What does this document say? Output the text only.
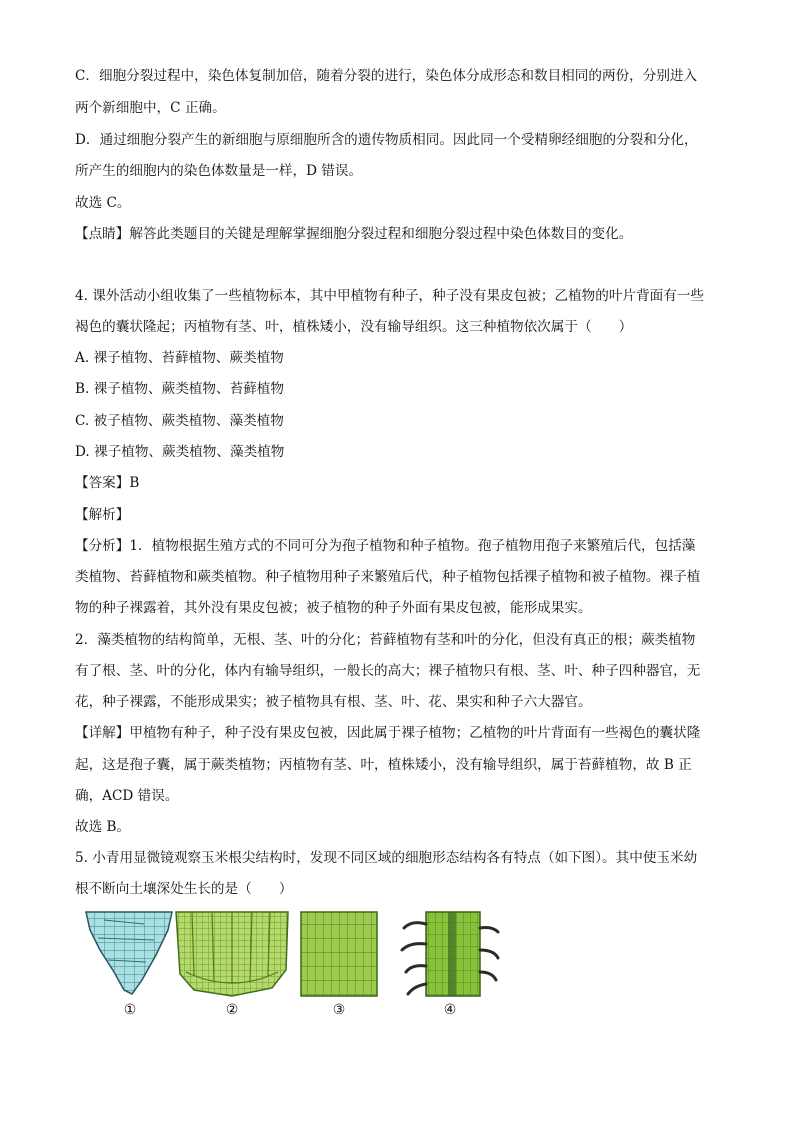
C．细胞分裂过程中，染色体复制加倍，随着分裂的进行，染色体分成形态和数目相同的两份，分别进入
两个新细胞中，C 正确。
D．通过细胞分裂产生的新细胞与原细胞所含的遗传物质相同。因此同一个受精卵经细胞的分裂和分化，
所产生的细胞内的染色体数量是一样，D 错误。
故选 C。
【点睛】解答此类题目的关键是理解掌握细胞分裂过程和细胞分裂过程中染色体数目的变化。
4. 课外活动小组收集了一些植物标本，其中甲植物有种子，种子没有果皮包被；乙植物的叶片背面有一些
褐色的囊状隆起；丙植物有茎、叶，植株矮小，没有输导组织。这三种植物依次属于（　　）
A. 裸子植物、苔藓植物、蕨类植物
B. 裸子植物、蕨类植物、苔藓植物
C. 被子植物、蕨类植物、藻类植物
D. 裸子植物、蕨类植物、藻类植物
【答案】B
【解析】
【分析】1．植物根据生殖方式的不同可分为孢子植物和种子植物。孢子植物用孢子来繁殖后代，包括藻
类植物、苔藓植物和蕨类植物。种子植物用种子来繁殖后代，种子植物包括裸子植物和被子植物。裸子植
物的种子裸露着，其外没有果皮包被；被子植物的种子外面有果皮包被，能形成果实。
2．藻类植物的结构简单，无根、茎、叶的分化；苔藓植物有茎和叶的分化，但没有真正的根；蕨类植物
有了根、茎、叶的分化，体内有输导组织，一般长的高大；裸子植物只有根、茎、叶、种子四种器官，无
花，种子裸露，不能形成果实；被子植物具有根、茎、叶、花、果实和种子六大器官。
【详解】甲植物有种子，种子没有果皮包被，因此属于裸子植物；乙植物的叶片背面有一些褐色的囊状隆
起，这是孢子囊，属于蕨类植物；丙植物有茎、叶，植株矮小，没有输导组织，属于苔藓植物，故 B 正
确，ACD 错误。
故选 B。
5. 小青用显微镜观察玉米根尖结构时，发现不同区域的细胞形态结构各有特点（如下图）。其中使玉米幼
根不断向土壤深处生长的是（　　）
①	②	③	④
